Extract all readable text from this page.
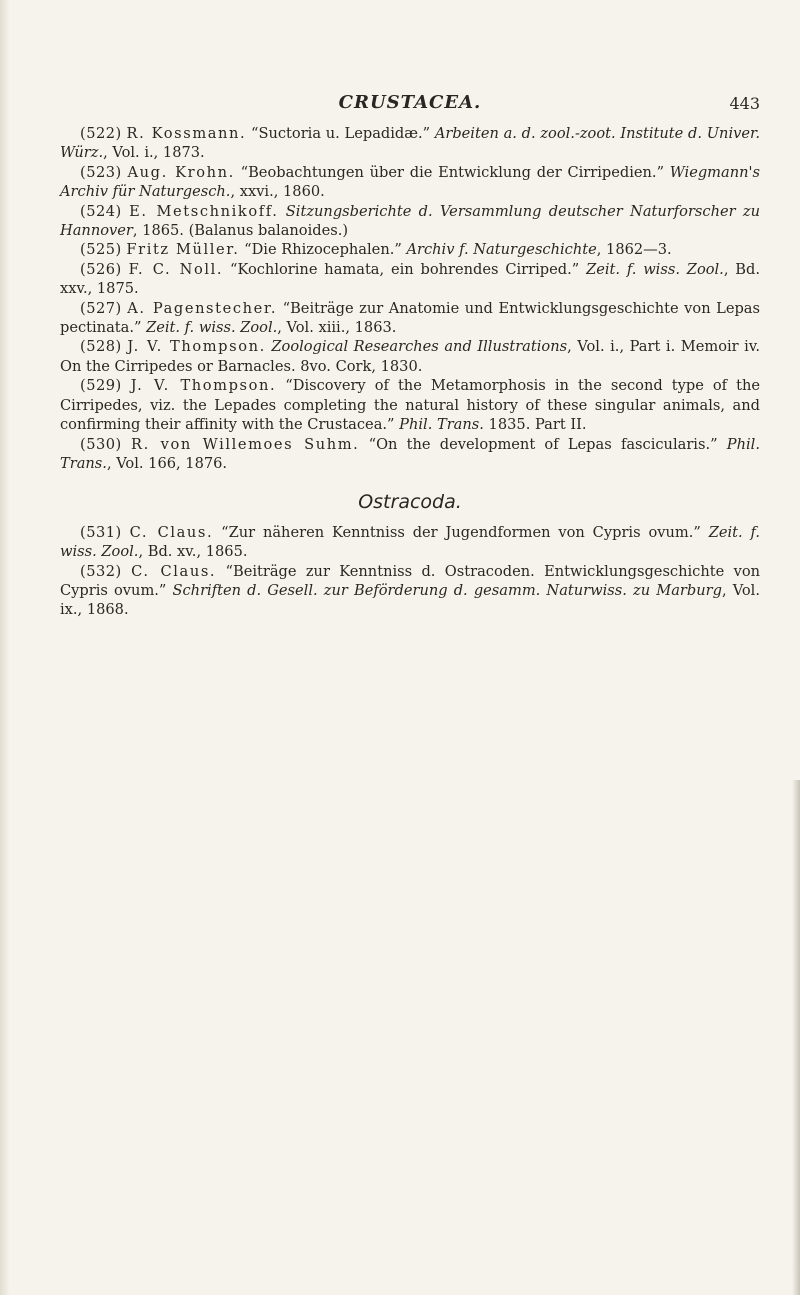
CRUSTACEA.	443

(522) R. Kossmann. “Suctoria u. Lepadidæ.” Arbeiten a. d. zool.-zoot. Institute d. Univer. Würz., Vol. i., 1873.

(523) Aug. Krohn. “Beobachtungen über die Entwicklung der Cirripedien.” Wiegmann's Archiv für Naturgesch., xxvi., 1860.

(524) E. Metschnikoff. Sitzungsberichte d. Versammlung deutscher Naturforscher zu Hannover, 1865. (Balanus balanoides.)

(525) Fritz Müller. “Die Rhizocephalen.” Archiv f. Naturgeschichte, 1862—3.

(526) F. C. Noll. “Kochlorine hamata, ein bohrendes Cirriped.” Zeit. f. wiss. Zool., Bd. xxv., 1875.

(527) A. Pagenstecher. “Beiträge zur Anatomie und Entwicklungsgeschichte von Lepas pectinata.” Zeit. f. wiss. Zool., Vol. xiii., 1863.

(528) J. V. Thompson. Zoological Researches and Illustrations, Vol. i., Part i. Memoir iv. On the Cirripedes or Barnacles. 8vo. Cork, 1830.

(529) J. V. Thompson. “Discovery of the Metamorphosis in the second type of the Cirripedes, viz. the Lepades completing the natural history of these singular animals, and confirming their affinity with the Crustacea.” Phil. Trans. 1835. Part II.

(530) R. von Willemoes Suhm. “On the development of Lepas fascicularis.” Phil. Trans., Vol. 166, 1876.

Ostracoda.

(531) C. Claus. “Zur näheren Kenntniss der Jugendformen von Cypris ovum.” Zeit. f. wiss. Zool., Bd. xv., 1865.

(532) C. Claus. “Beiträge zur Kenntniss d. Ostracoden. Entwicklungsgeschichte von Cypris ovum.” Schriften d. Gesell. zur Beförderung d. gesamm. Naturwiss. zu Marburg, Vol. ix., 1868.
